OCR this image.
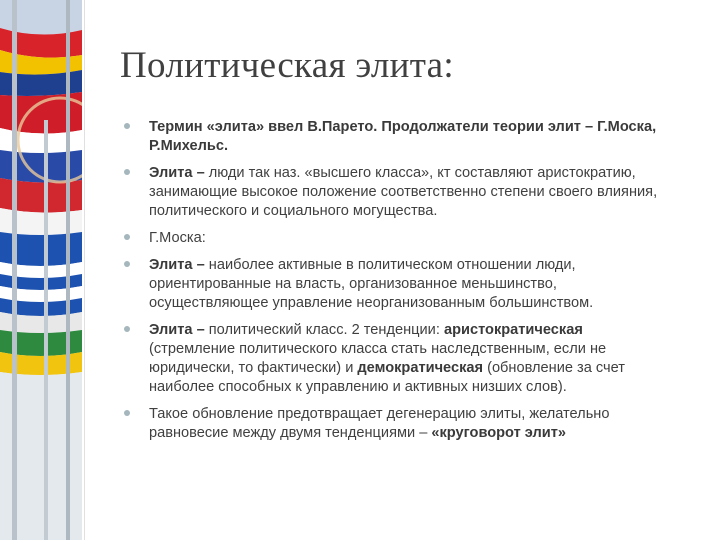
Политическая элита:
Термин «элита» ввел В.Парето. Продолжатели теории элит – Г.Моска, Р.Михельс.
Элита – люди так наз. «высшего класса», кт составляют аристократию, занимающие высокое положение соответственно степени своего влияния, политического и социального могущества.
Г.Моска:
Элита – наиболее активные в политическом отношении люди, ориентированные на власть, организованное меньшинство, осуществляющее управление неорганизованным большинством.
Элита – политический класс. 2 тенденции: аристократическая (стремление политического класса стать наследственным, если не юридически, то фактически) и демократическая (обновление за счет наиболее способных к управлению и активных низших слов).
Такое обновление предотвращает дегенерацию элиты, желательно равновесие между двумя тенденциями – «круговорот элит»
